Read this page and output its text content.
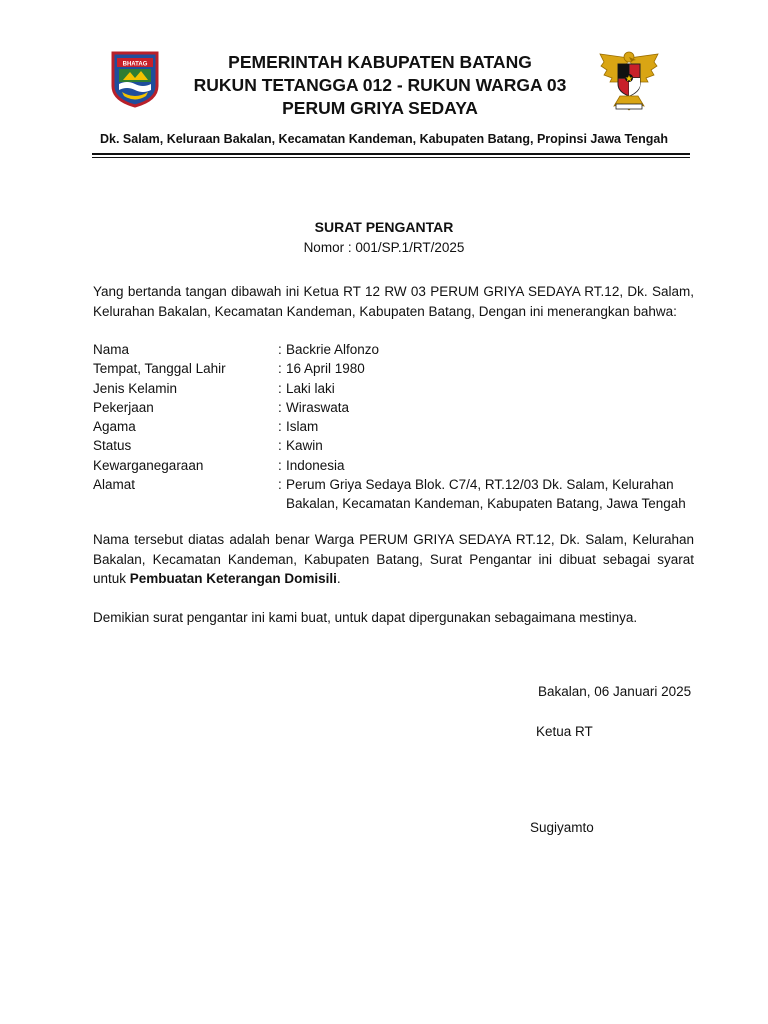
BHATAG	PEMERINTAH KABUPATEN BATANG
RUKUN TETANGGA 012 - RUKUN WARGA 03
PERUM GRIYA SEDAYA
Dk. Salam, Keluraan Bakalan, Kecamatan Kandeman, Kabupaten Batang, Propinsi Jawa Tengah
SURAT PENGANTAR
Nomor : 001/SP.1/RT/2025
Yang bertanda tangan dibawah ini Ketua RT 12 RW 03 PERUM GRIYA SEDAYA RT.12, Dk. Salam, Kelurahan Bakalan, Kecamatan Kandeman, Kabupaten Batang, Dengan ini menerangkan bahwa:
Nama	: Backrie Alfonzo
Tempat, Tanggal Lahir	: 16 April 1980
Jenis Kelamin	: Laki laki
Pekerjaan	: Wiraswata
Agama	: Islam
Status	: Kawin
Kewarganegaraan	: Indonesia
Alamat	: Perum Griya Sedaya Blok. C7/4, RT.12/03 Dk. Salam, Kelurahan Bakalan, Kecamatan Kandeman, Kabupaten Batang, Jawa Tengah
Nama tersebut diatas adalah benar Warga PERUM GRIYA SEDAYA RT.12, Dk. Salam, Kelurahan Bakalan, Kecamatan Kandeman, Kabupaten Batang, Surat Pengantar ini dibuat sebagai syarat untuk Pembuatan Keterangan Domisili.
Demikian surat pengantar ini kami buat, untuk dapat dipergunakan sebagaimana mestinya.
Bakalan, 06 Januari 2025
Ketua RT
Sugiyamto
